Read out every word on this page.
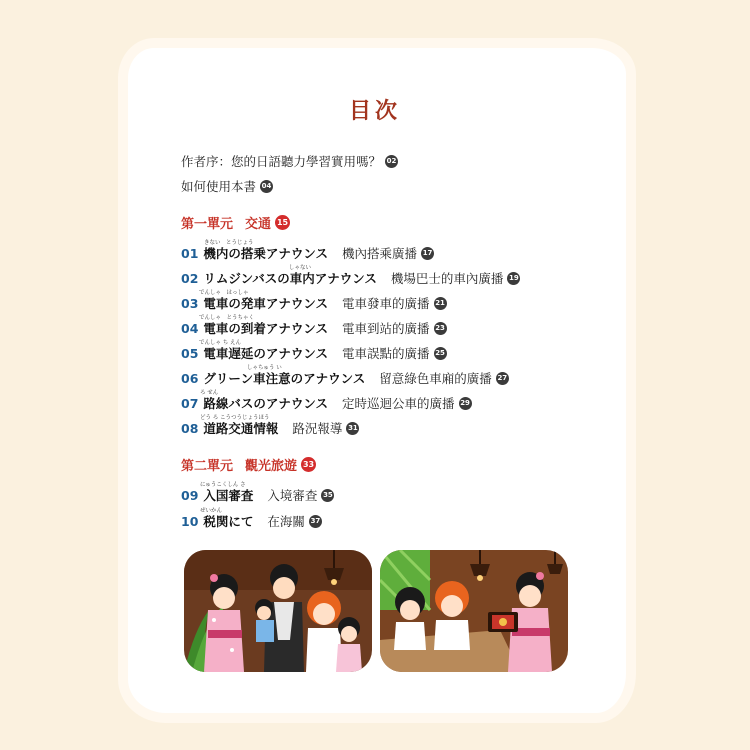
目次
作者序：您的日語聽力學習實用嗎？ 02
如何使用本書 04
第一單元 交通 15
きない　とうじょう
01 機内の搭乗アナウンス 機內搭乘廣播 17
しゃない
02 リムジンバスの車内アナウンス 機場巴士的車內廣播 19
でんしゃ　はっしゃ
03 電車の発車アナウンス 電車發車的廣播 21
でんしゃ　とうちゃく
04 電車の到着アナウンス 電車到站的廣播 23
でんしゃ ち えん
05 電車遅延のアナウンス 電車誤點的廣播 25
しゃちゅう い
06 グリーン車注意のアナウンス 留意綠色車廂的廣播 27
ろ せん
07 路線バスのアナウンス 定時巡迴公車的廣播 29
どう ろ こうつうじょうほう
08 道路交通情報 路況報導 31
第二單元 觀光旅遊 33
にゅうこくしん さ
09 入国審査 入境審查 35
ぜいかん
10 税関にて 在海關 37
